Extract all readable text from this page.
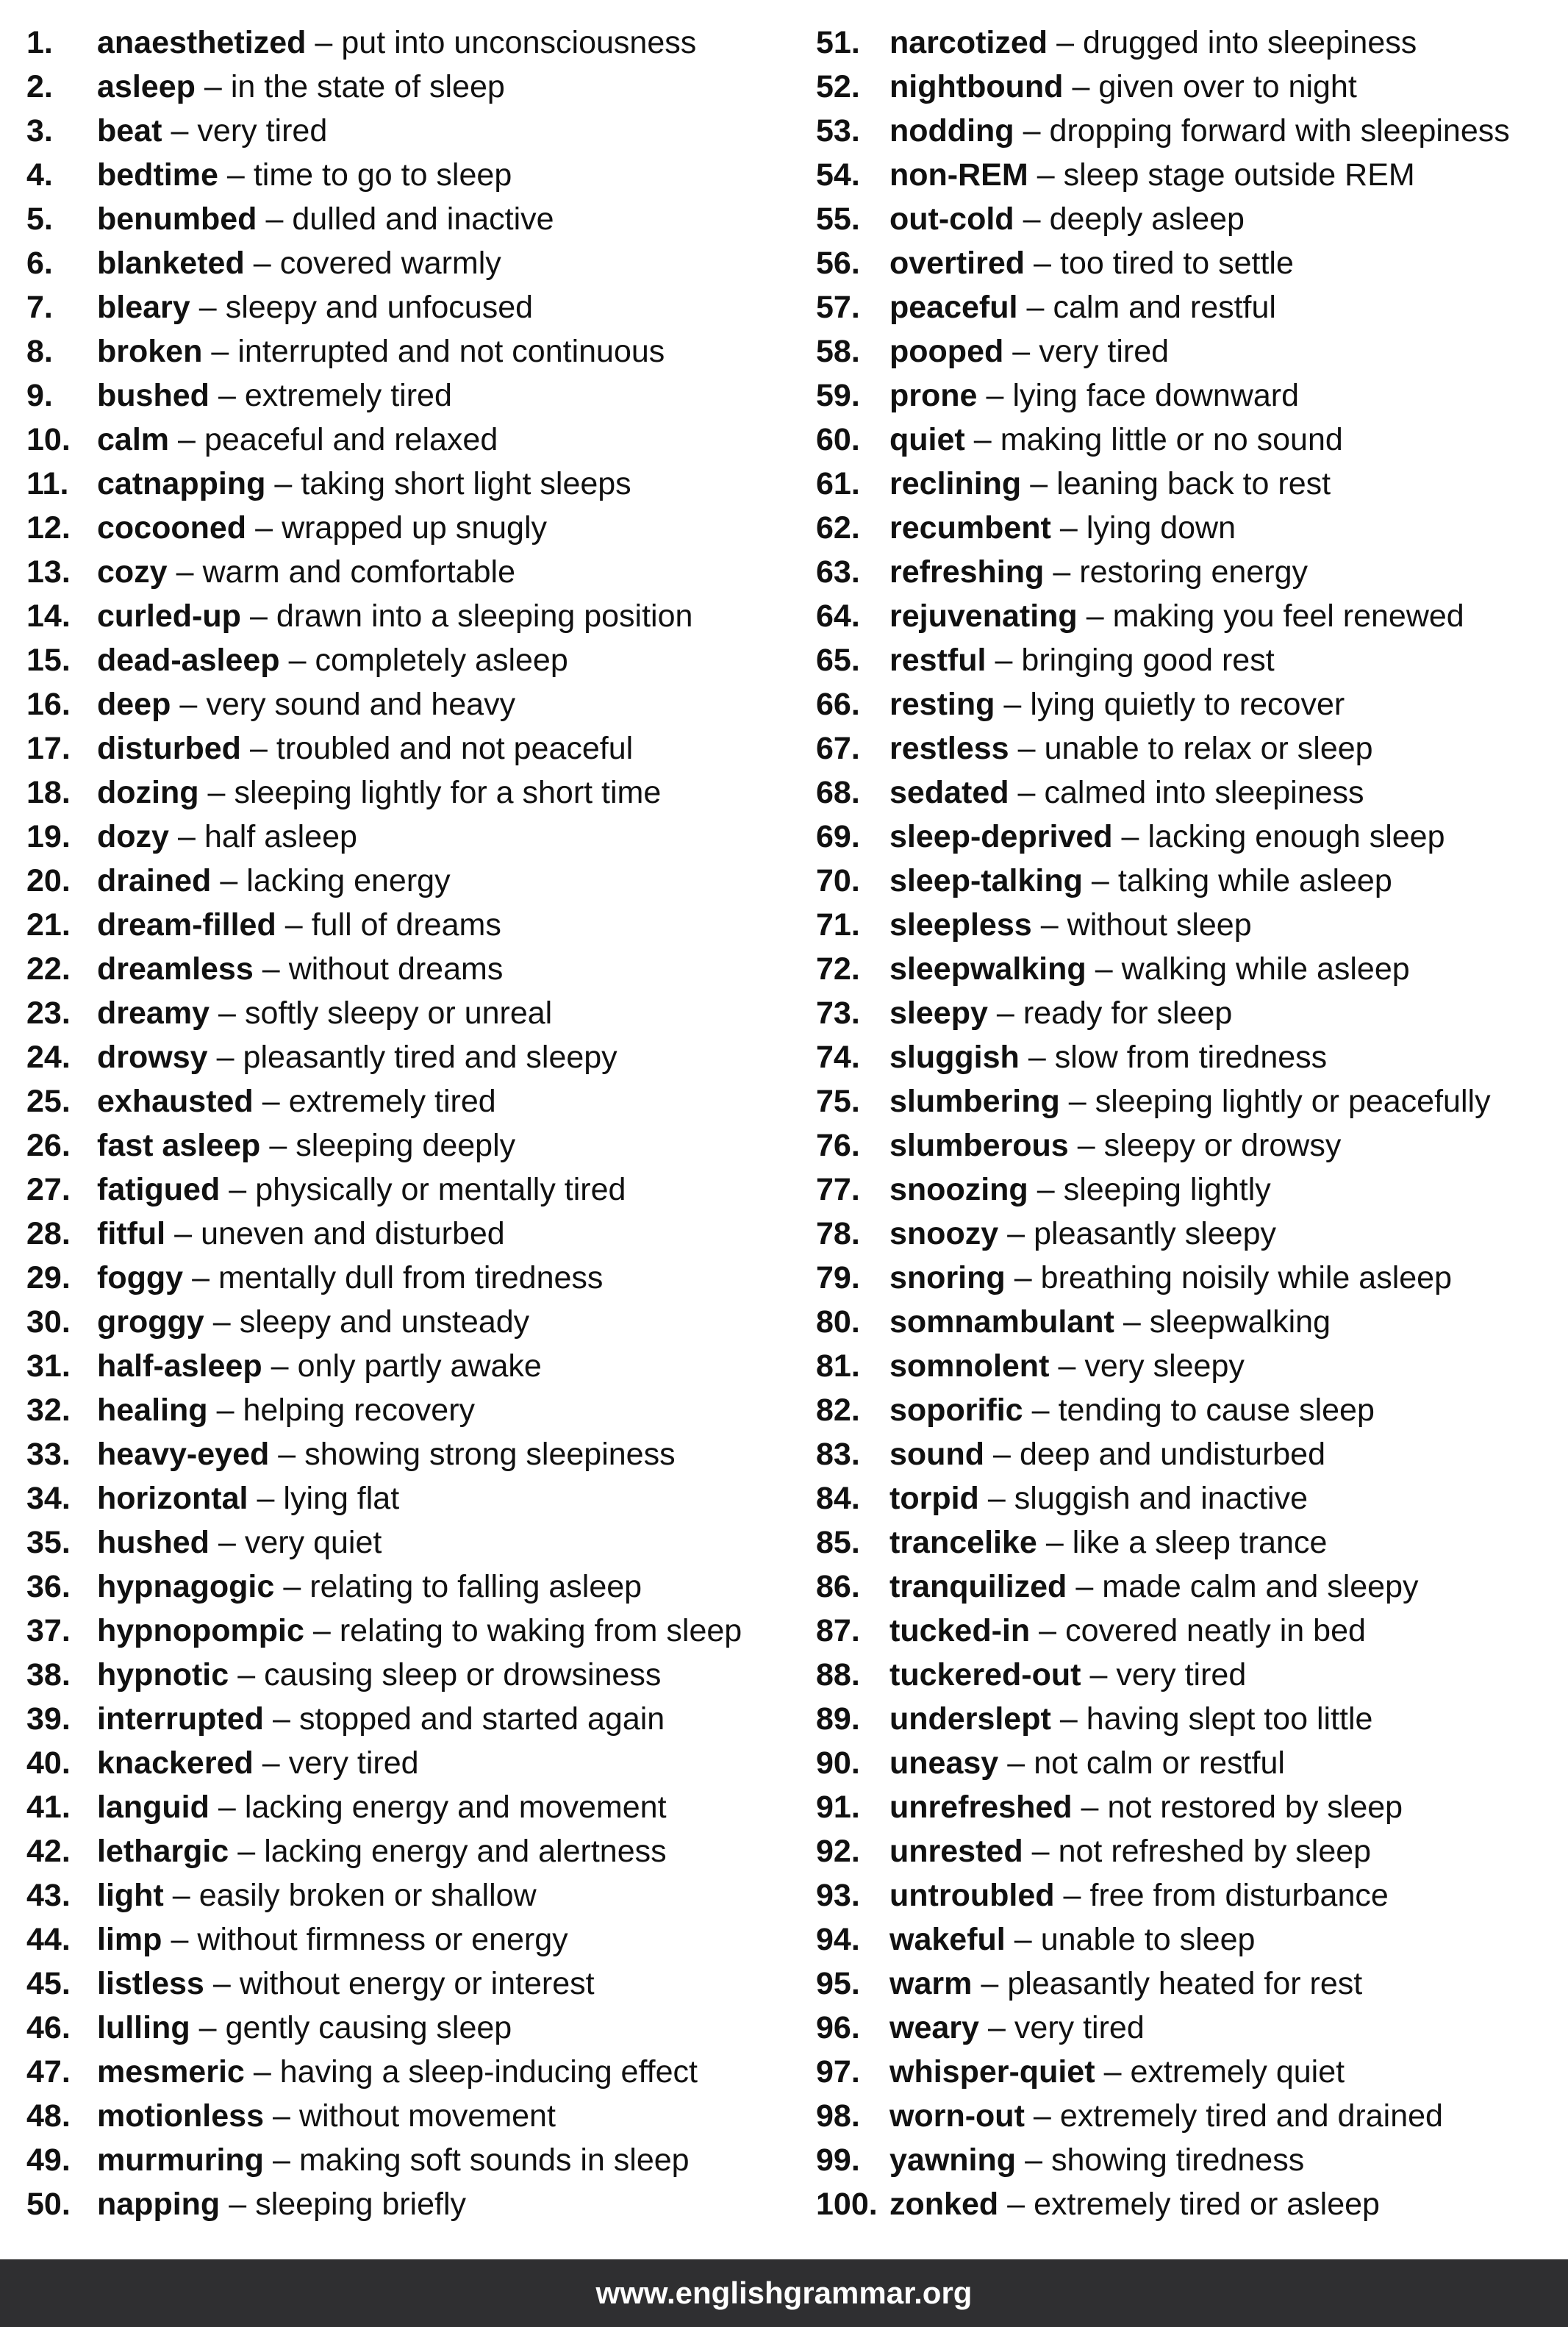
1.	anaesthetized – put into unconsciousness
2.	asleep – in the state of sleep
3.	beat – very tired
4.	bedtime – time to go to sleep
5.	benumbed – dulled and inactive
6.	blanketed – covered warmly
7.	bleary – sleepy and unfocused
8.	broken – interrupted and not continuous
9.	bushed – extremely tired
10. calm – peaceful and relaxed
11. catnapping – taking short light sleeps
12. cocooned – wrapped up snugly
13. cozy – warm and comfortable
14. curled-up – drawn into a sleeping position
15. dead-asleep – completely asleep
16. deep – very sound and heavy
17. disturbed – troubled and not peaceful
18. dozing – sleeping lightly for a short time
19. dozy – half asleep
20. drained – lacking energy
21. dream-filled – full of dreams
22. dreamless – without dreams
23. dreamy – softly sleepy or unreal
24. drowsy – pleasantly tired and sleepy
25. exhausted – extremely tired
26. fast asleep – sleeping deeply
27. fatigued – physically or mentally tired
28. fitful – uneven and disturbed
29. foggy – mentally dull from tiredness
30. groggy – sleepy and unsteady
31. half-asleep – only partly awake
32. healing – helping recovery
33. heavy-eyed – showing strong sleepiness
34. horizontal – lying flat
35. hushed – very quiet
36. hypnagogic – relating to falling asleep
37. hypnopompic – relating to waking from sleep
38. hypnotic – causing sleep or drowsiness
39. interrupted – stopped and started again
40. knackered – very tired
41. languid – lacking energy and movement
42. lethargic – lacking energy and alertness
43. light – easily broken or shallow
44. limp – without firmness or energy
45. listless – without energy or interest
46. lulling – gently causing sleep
47. mesmeric – having a sleep-inducing effect
48. motionless – without movement
49. murmuring – making soft sounds in sleep
50. napping – sleeping briefly
51. narcotized – drugged into sleepiness
52. nightbound – given over to night
53. nodding – dropping forward with sleepiness
54. non-REM – sleep stage outside REM
55. out-cold – deeply asleep
56. overtired – too tired to settle
57. peaceful – calm and restful
58. pooped – very tired
59. prone – lying face downward
60. quiet – making little or no sound
61. reclining – leaning back to rest
62. recumbent – lying down
63. refreshing – restoring energy
64. rejuvenating – making you feel renewed
65. restful – bringing good rest
66. resting – lying quietly to recover
67. restless – unable to relax or sleep
68. sedated – calmed into sleepiness
69. sleep-deprived – lacking enough sleep
70. sleep-talking – talking while asleep
71. sleepless – without sleep
72. sleepwalking – walking while asleep
73. sleepy – ready for sleep
74. sluggish – slow from tiredness
75. slumbering – sleeping lightly or peacefully
76. slumberous – sleepy or drowsy
77. snoozing – sleeping lightly
78. snoozy – pleasantly sleepy
79. snoring – breathing noisily while asleep
80. somnambulant – sleepwalking
81. somnolent – very sleepy
82. soporific – tending to cause sleep
83. sound – deep and undisturbed
84. torpid – sluggish and inactive
85. trancelike – like a sleep trance
86. tranquilized – made calm and sleepy
87. tucked-in – covered neatly in bed
88. tuckered-out – very tired
89. underslept – having slept too little
90. uneasy – not calm or restful
91. unrefreshed – not restored by sleep
92. unrested – not refreshed by sleep
93. untroubled – free from disturbance
94. wakeful – unable to sleep
95. warm – pleasantly heated for rest
96. weary – very tired
97. whisper-quiet – extremely quiet
98. worn-out – extremely tired and drained
99. yawning – showing tiredness
100. zonked – extremely tired or asleep
www.englishgrammar.org
